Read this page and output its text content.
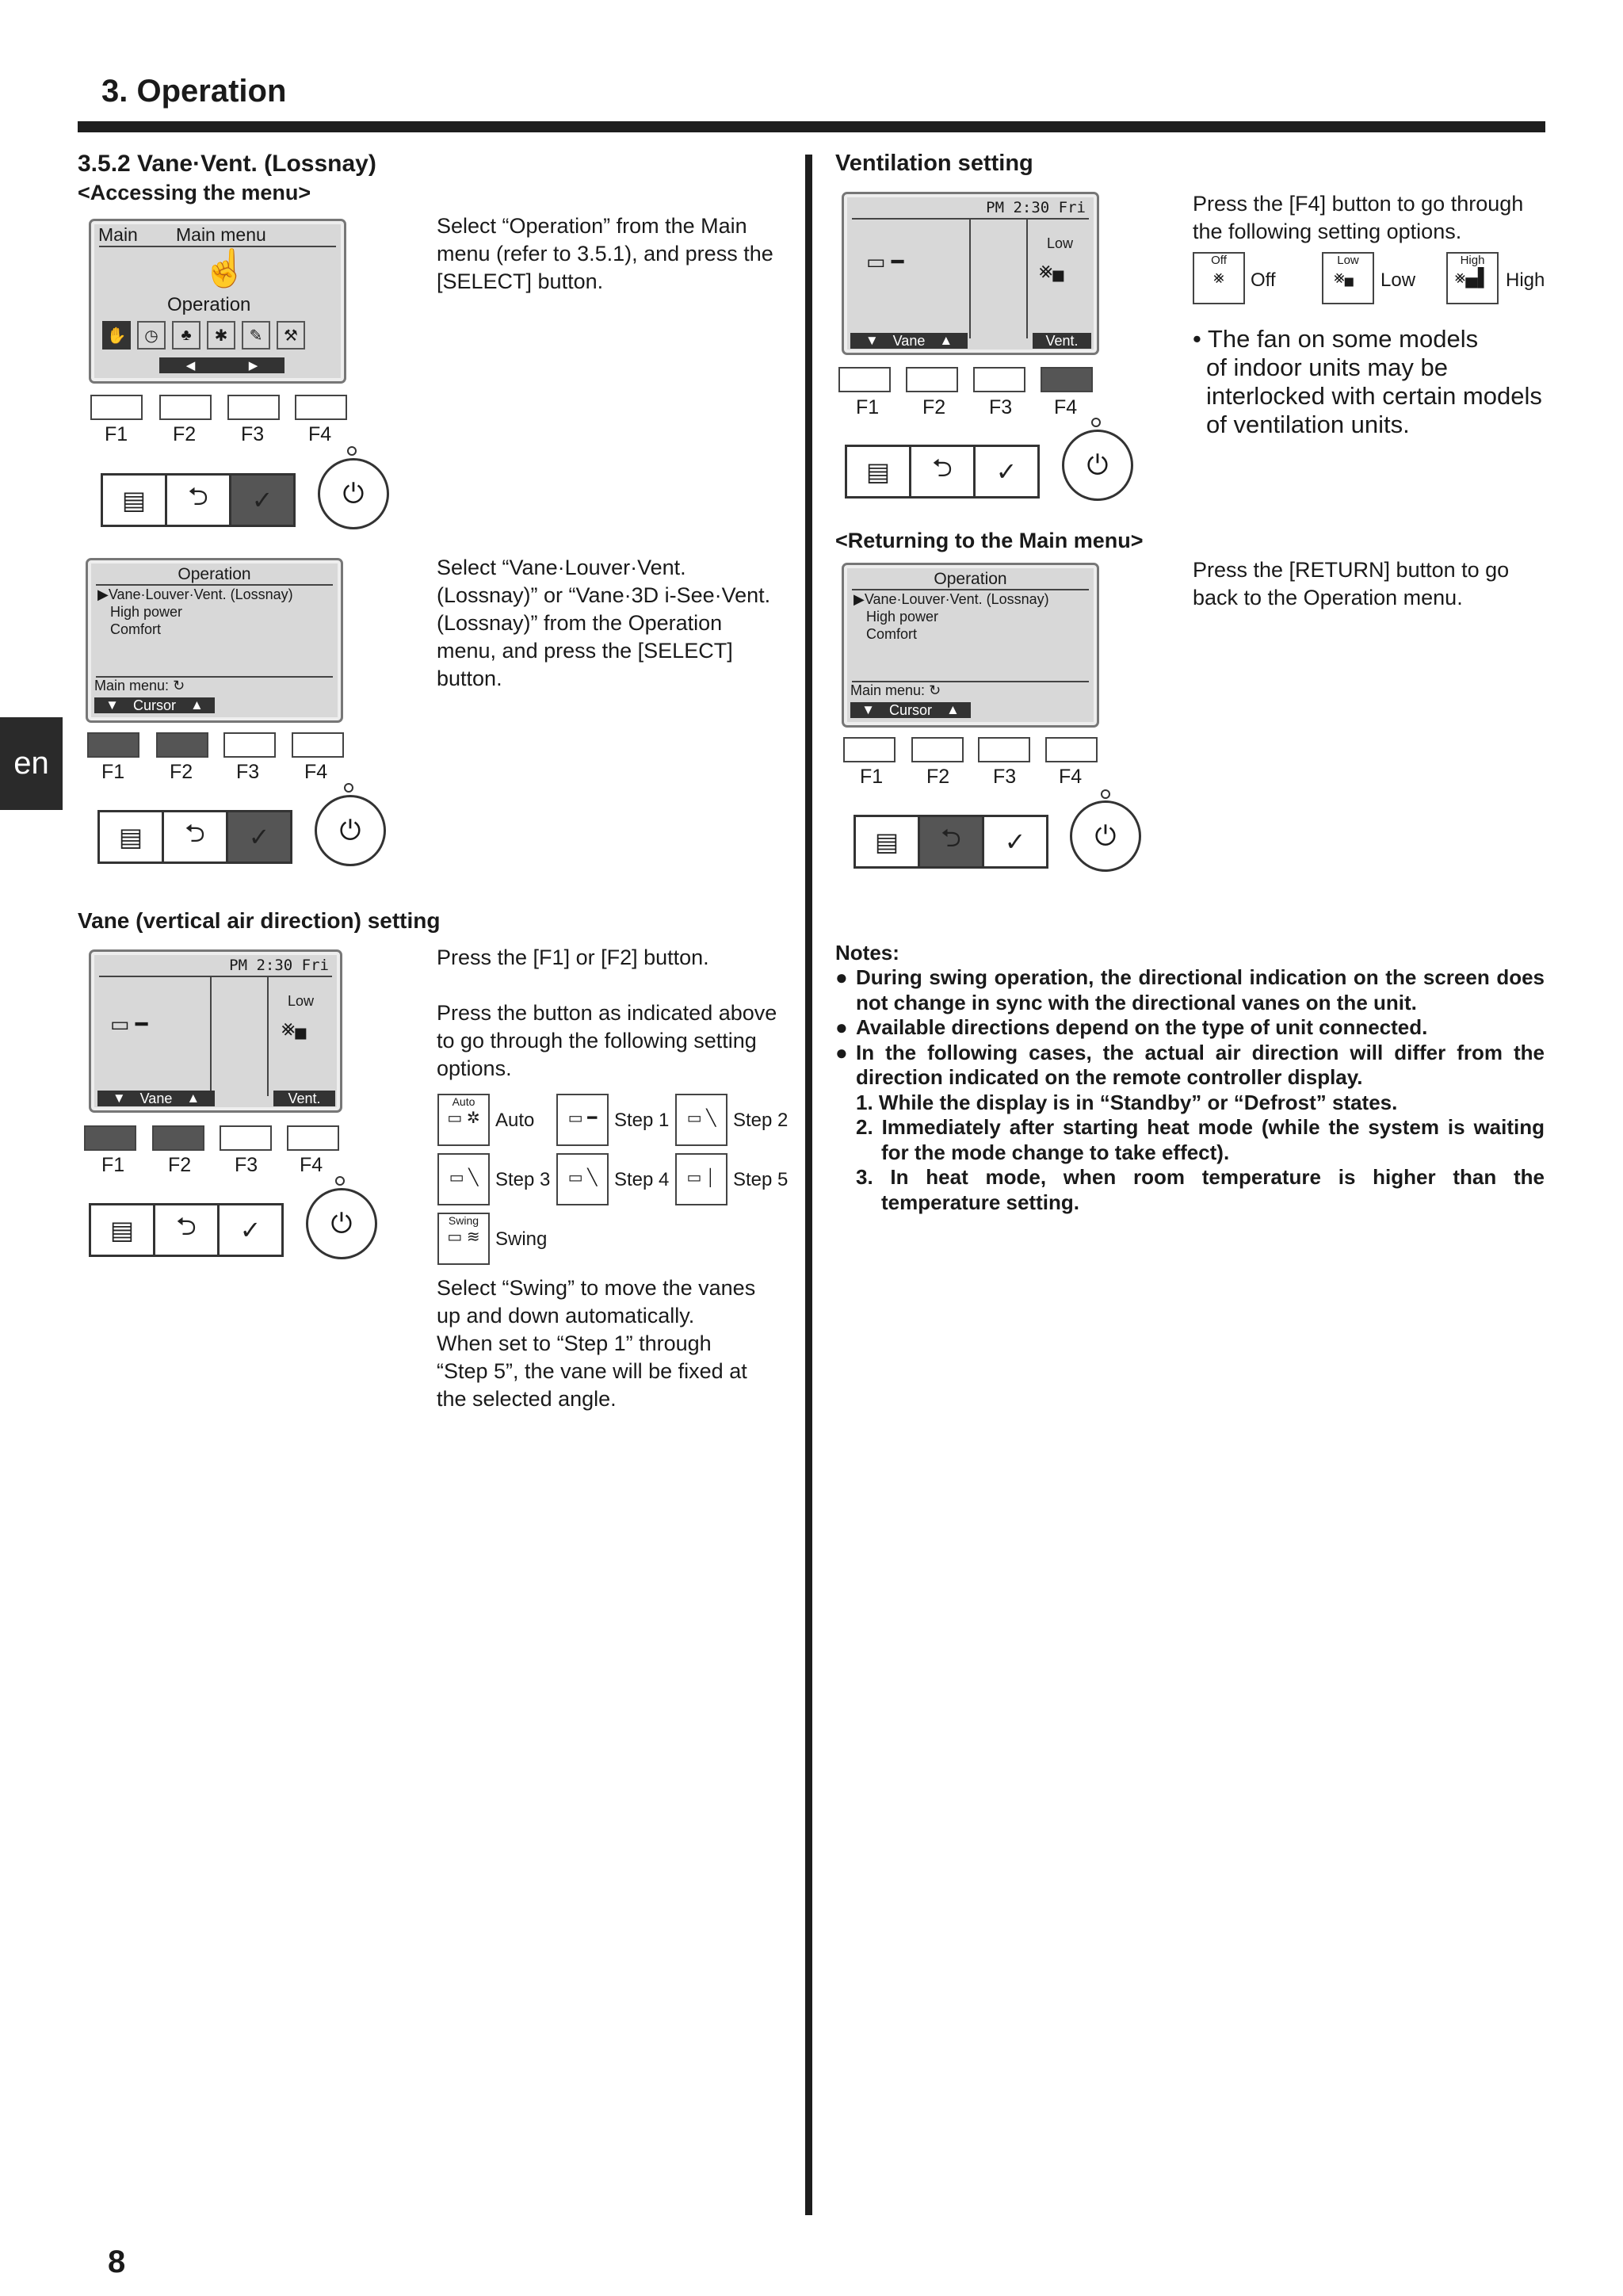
3. Operation
en
8
3.5.2 Vane·Vent. (Lossnay)
<Accessing the menu>
Main Main menu
☝
Operation
✋	◷	♣	✱	✎	⚒
◀	▶
F1 F2 F3 F4
▤ ⮌ ✓	⏻
Select “Operation” from the Main
menu (refer to 3.5.1), and press the
[SELECT] button.
Operation
▶Vane·Louver·Vent. (Lossnay)
High power
Comfort
Main menu: ↻
▼ Cursor ▲
F1 F2 F3 F4
▤ ⮌ ✓	⏻
Select “Vane·Louver·Vent.
(Lossnay)” or “Vane·3D i-See·Vent.
(Lossnay)” from the Operation
menu, and press the [SELECT]
button.
Vane (vertical air direction) setting
PM 2:30 Fri
▭ ━
Low
⨳▖
▼ Vane ▲	Vent.
F1 F2 F3 F4
▤ ⮌ ✓	⏻
Press the [F1] or [F2] button.
Press the button as indicated above
to go through the following setting
options.
Auto
▭ ✲ Auto	▭ ━ Step 1	▭ ╲ Step 2
▭ ╲ Step 3	▭ ╲ Step 4	▭ │ Step 5
Swing
▭ ≋ Swing
Select “Swing” to move the vanes
up and down automatically.
When set to “Step 1” through
“Step 5”, the vane will be fixed at
the selected angle.
Ventilation setting
PM 2:30 Fri
▭ ━
Low
⨳▖
▼ Vane ▲	Vent.
F1 F2 F3 F4
▤ ⮌ ✓	⏻
Press the [F4] button to go through
the following setting options.
Off
⨳	Off
Low
⨳▖ Low
High
⨳▄▌ High
• The fan on some models
of indoor units may be
interlocked with certain models
of ventilation units.
<Returning to the Main menu>
Operation
▶Vane·Louver·Vent. (Lossnay)
High power
Comfort
Main menu: ↻
▼ Cursor ▲
F1 F2 F3 F4
▤ ⮌ ✓	⏻
Press the [RETURN] button to go
back to the Operation menu.
Notes:
● During swing operation, the directional indication on the screen does not change in sync with the directional vanes on the unit.
● Available directions depend on the type of unit connected.
● In the following cases, the actual air direction will differ from the direction indicated on the remote controller display.
1. While the display is in “Standby” or “Defrost” states.
2. Immediately after starting heat mode (while the system is waiting for the mode change to take effect).
3. In heat mode, when room temperature is higher than the temperature setting.
